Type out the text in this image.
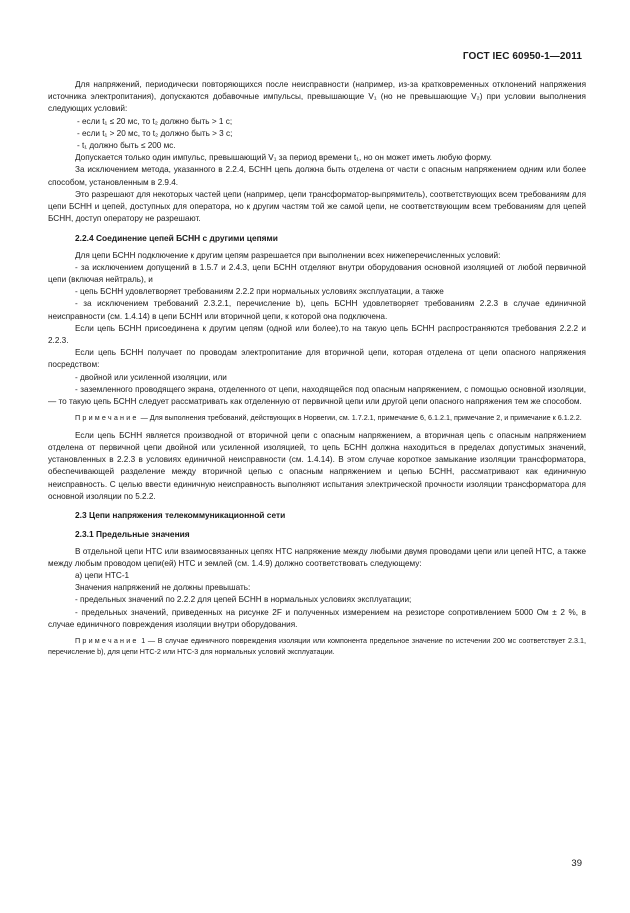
ГОСТ IEC 60950-1—2011

Для напряжений, периодически повторяющихся после неисправности (например, из-за кратковременных отклонений напряжения источника электропитания), допускаются добавочные импульсы, превышающие V₁ (но не превышающие V₂) при условии выполнения следующих условий:

- если t₁ ≤ 20 мс, то t₂ должно быть > 1 с;

- если t₁ > 20 мс, то t₂ должно быть > 3 с;

- t₁ должно быть ≤ 200 мс.

Допускается только один импульс, превышающий V₁ за период времени t₁, но он может иметь любую форму.

За исключением метода, указанного в 2.2.4, БСНН цепь должна быть отделена от части с опасным напряжением одним или более способом, установленным в 2.9.4.

Это разрешают для некоторых частей цепи (например, цепи трансформатор-выпрямитель), соответствующих всем требованиям для цепи БСНН и цепей, доступных для оператора, но к другим частям той же самой цепи, не соответствующим всем требованиям для цепей БСНН, доступ оператору не разрешают.

2.2.4 Соединение цепей БСНН с другими цепями

Для цепи БСНН подключение к другим цепям разрешается при выполнении всех нижеперечисленных условий:

- за исключением допущений в 1.5.7 и 2.4.3, цепи БСНН отделяют внутри оборудования основной изоляцией от любой первичной цепи (включая нейтраль), и

- цепь БСНН удовлетворяет требованиям 2.2.2 при нормальных условиях эксплуатации, а также

- за исключением требований 2.3.2.1, перечисление b), цепь БСНН удовлетворяет требованиям 2.2.3 в случае единичной неисправности (см. 1.4.14) в цепи БСНН или вторичной цепи, к которой она подключена.

Если цепь БСНН присоединена к другим цепям (одной или более),то на такую цепь БСНН распространяются требования 2.2.2 и 2.2.3.

Если цепь БСНН получает по проводам электропитание для вторичной цепи, которая отделена от цепи опасного напряжения посредством:

- двойной или усиленной изоляции, или

- заземленного проводящего экрана, отделенного от цепи, находящейся под опасным напряжением, с помощью основной изоляции, — то такую цепь БСНН следует рассматривать как отделенную от первичной цепи или другой цепи опасного напряжения тем же способом.

Примечание — Для выполнения требований, действующих в Норвегии, см. 1.7.2.1, примечание 6, 6.1.2.1, примечание 2, и примечание к 6.1.2.2.

Если цепь БСНН является производной от вторичной цепи с опасным напряжением, а вторичная цепь с опасным напряжением отделена от первичной цепи двойной или усиленной изоляцией, то цепь БСНН должна находиться в пределах допустимых значений, установленных в 2.2.3 в условиях единичной неисправности (см. 1.4.14). В этом случае короткое замыкание изоляции трансформатора, обеспечивающей разделение между вторичной цепью с опасным напряжением и цепью БСНН, рассматривают как единичную неисправность. С целью ввести единичную неисправность выполняют испытания электрической прочности изоляции трансформатора для основной изоляции по 5.2.2.

2.3 Цепи напряжения телекоммуникационной сети

2.3.1 Предельные значения

В отдельной цепи НТС или взаимосвязанных цепях НТС напряжение между любыми двумя проводами цепи или цепей НТС, а также между любым проводом цепи(ей) НТС и землей (см. 1.4.9) должно соответствовать следующему:

а) цепи НТС-1

Значения напряжений не должны превышать:

- предельных значений по 2.2.2 для цепей БСНН в нормальных условиях эксплуатации;

- предельных значений, приведенных на рисунке 2F и полученных измерением на резисторе сопротивлением 5000 Ом ± 2 %, в случае единичного повреждения изоляции внутри оборудования.

Примечание 1 — В случае единичного повреждения изоляции или компонента предельное значение по истечении 200 мс соответствует 2.3.1, перечисление b), для цепи НТС-2 или НТС-3 для нормальных условий эксплуатации.

39
